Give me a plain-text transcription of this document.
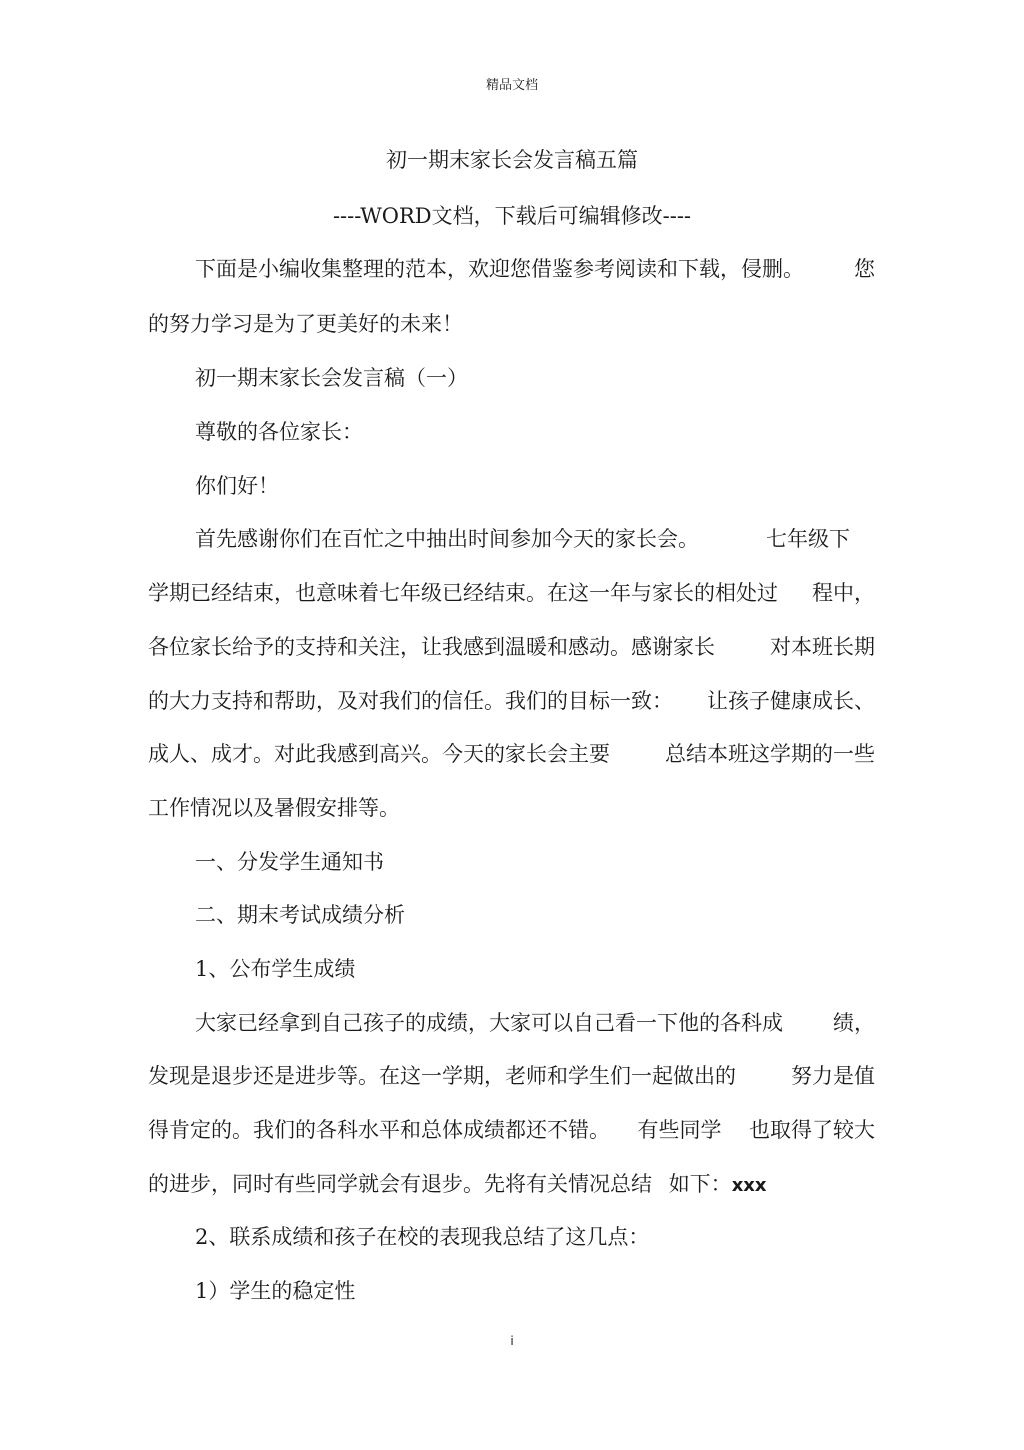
精品文档
初一期末家长会发言稿五篇
----WORD文档，下载后可编辑修改----
下面是小编收集整理的范本，欢迎您借鉴参考阅读和下载，侵删。 您
的努力学习是为了更美好的未来！
初一期末家长会发言稿（一）
尊敬的各位家长：
你们好！
首先感谢你们在百忙之中抽出时间参加今天的家长会。	七年级下
学期已经结束，也意味着七年级已经结束。在这一年与家长的相处过 程中，
各位家长给予的支持和关注，让我感到温暖和感动。感谢家长	对本班长期
的大力支持和帮助，及对我们的信任。我们的目标一致： 让孩子健康成长、
成人、成才。对此我感到高兴。今天的家长会主要	总结本班这学期的一些
工作情况以及暑假安排等。
一、分发学生通知书
二、期末考试成绩分析
1、公布学生成绩
大家已经拿到自己孩子的成绩，大家可以自己看一下他的各科成 绩，
发现是退步还是进步等。在这一学期，老师和学生们一起做出的	努力是值
得肯定的。我们的各科水平和总体成绩都还不错。 有些同学 也取得了较大
的进步，同时有些同学就会有退步。先将有关情况总结 如下：xxx
2、联系成绩和孩子在校的表现我总结了这几点：
1）学生的稳定性
i
